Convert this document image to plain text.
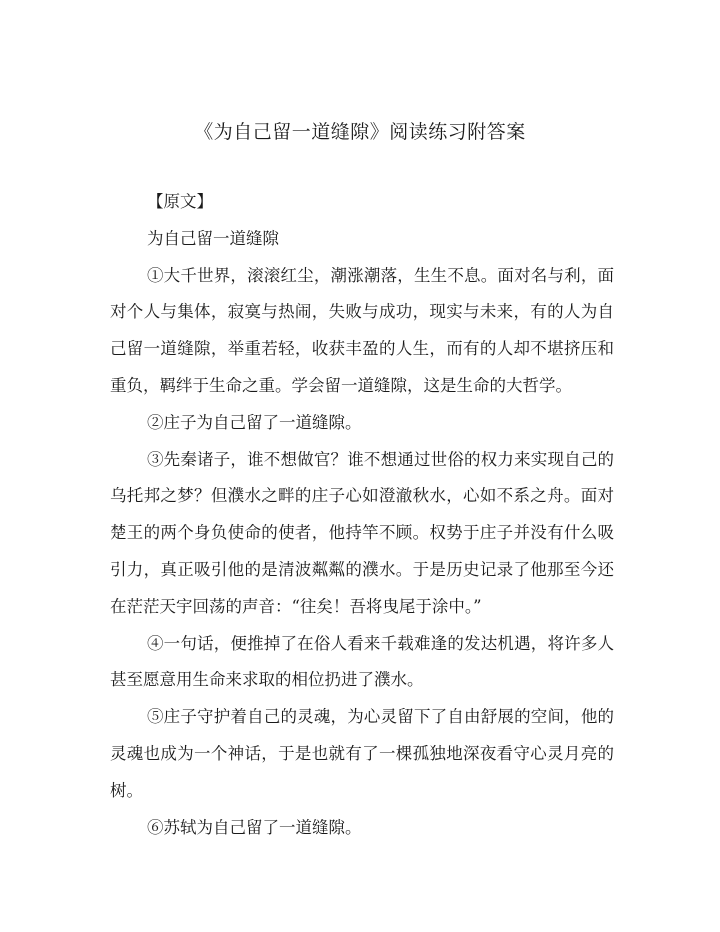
《为自己留一道缝隙》阅读练习附答案
【原文】
为自己留一道缝隙
①大千世界，滚滚红尘，潮涨潮落，生生不息。面对名与利，面
对个人与集体，寂寞与热闹，失败与成功，现实与未来，有的人为自
己留一道缝隙，举重若轻，收获丰盈的人生，而有的人却不堪挤压和
重负，羁绊于生命之重。学会留一道缝隙，这是生命的大哲学。
②庄子为自己留了一道缝隙。
③先秦诸子，谁不想做官？谁不想通过世俗的权力来实现自己的
乌托邦之梦？但濮水之畔的庄子心如澄澈秋水，心如不系之舟。面对
楚王的两个身负使命的使者，他持竿不顾。权势于庄子并没有什么吸
引力，真正吸引他的是清波粼粼的濮水。于是历史记录了他那至今还
在茫茫天宇回荡的声音：“往矣！吾将曳尾于涂中。”
④一句话，便推掉了在俗人看来千载难逢的发达机遇，将许多人
甚至愿意用生命来求取的相位扔进了濮水。
⑤庄子守护着自己的灵魂，为心灵留下了自由舒展的空间，他的
灵魂也成为一个神话，于是也就有了一棵孤独地深夜看守心灵月亮的
树。
⑥苏轼为自己留了一道缝隙。
